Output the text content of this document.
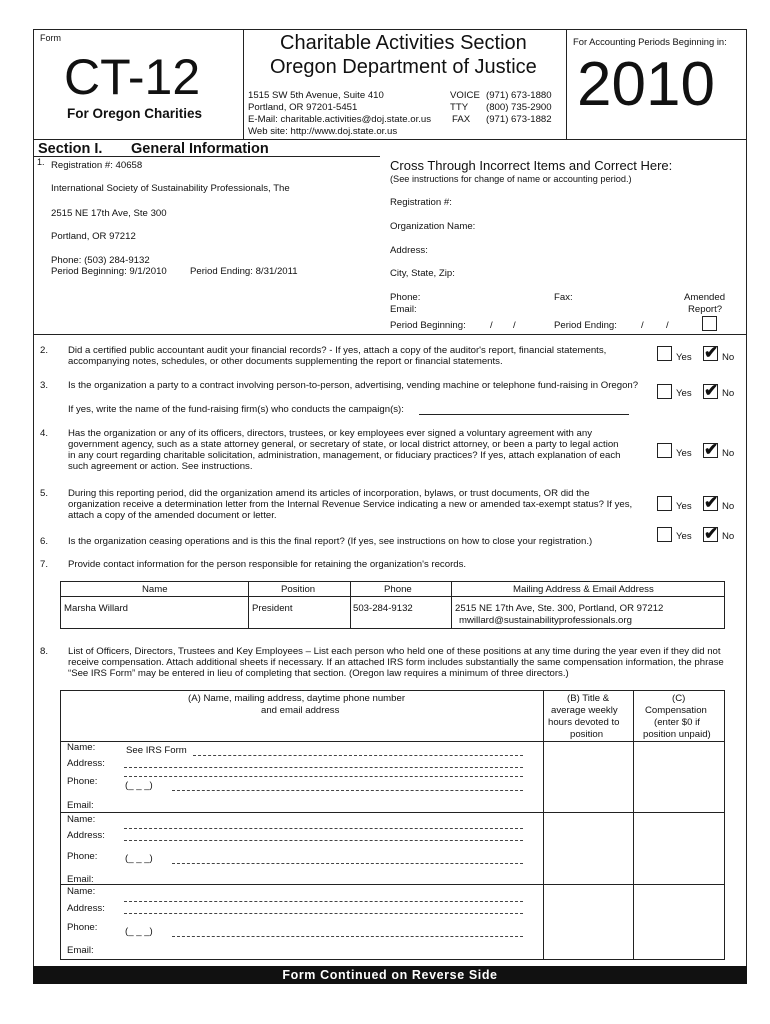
Form
CT-12
For Oregon Charities
Charitable Activities Section
Oregon Department of Justice
1515 SW 5th Avenue, Suite 410
Portland, OR 97201-5451
E-Mail: charitable.activities@doj.state.or.us
Web site: http://www.doj.state.or.us
VOICE (971) 673-1880
TTY (800) 735-2900
FAX (971) 673-1882
For Accounting Periods Beginning in:
2010
Section I. General Information
1. Registration #: 40658
International Society of Sustainability Professionals, The
2515 NE 17th Ave, Ste 300
Portland, OR 97212
Phone: (503) 284-9132
Period Beginning: 9/1/2010 Period Ending: 8/31/2011
Cross Through Incorrect Items and Correct Here:
(See instructions for change of name or accounting period.)
Registration #:
Organization Name:
Address:
City, State, Zip:
Phone:	Fax:	Amended
Email:	Report?
Period Beginning:	/ /	Period Ending:	/ /
2. Did a certified public accountant audit your financial records? - If yes, attach a copy of the auditor's report, financial statements, accompanying notes, schedules, or other documents supplementing the report or financial statements.	Yes ✔ No
3. Is the organization a party to a contract involving person-to-person, advertising, vending machine or telephone fund-raising in Oregon?
If yes, write the name of the fund-raising firm(s) who conducts the campaign(s):
Yes ✔ No
4. Has the organization or any of its officers, directors, trustees, or key employees ever signed a voluntary agreement with any government agency, such as a state attorney general, or secretary of state, or local district attorney, or been a party to legal action in any court regarding charitable solicitation, administration, management, or fiduciary practices? If yes, attach explanation of each such agreement or action. See instructions.
Yes ✔ No
5. During this reporting period, did the organization amend its articles of incorporation, bylaws, or trust documents, OR did the organization receive a determination letter from the Internal Revenue Service indicating a new or amended tax-exempt status? If yes, attach a copy of the amended document or letter.
Yes ✔ No
6. Is the organization ceasing operations and is this the final report? (If yes, see instructions on how to close your registration.)	Yes ✔ No
7. Provide contact information for the person responsible for retaining the organization's records.
Name	Position	Phone	Mailing Address & Email Address
Marsha Willard	President	503-284-9132	2515 NE 17th Ave, Ste. 300, Portland, OR 97212
mwillard@sustainabilityprofessionals.org
8. List of Officers, Directors, Trustees and Key Employees – List each person who held one of these positions at any time during the year even if they did not receive compensation. Attach additional sheets if necessary. If an attached IRS form includes substantially the same compensation information, the phrase “See IRS Form” may be entered in lieu of completing that section. (Oregon law requires a minimum of three directors.)
(A) Name, mailing address, daytime phone number
and email address
(B) Title &
average weekly
hours devoted to
position
(C)
Compensation
(enter $0 if
position unpaid)
Name:	See IRS Form
Address:
Phone:	(_ _ _)
Email:
Name:
Address:
Phone:	(_ _ _)
Email:
Name:
Address:
Phone:	(_ _ _)
Email:
Form Continued on Reverse Side
